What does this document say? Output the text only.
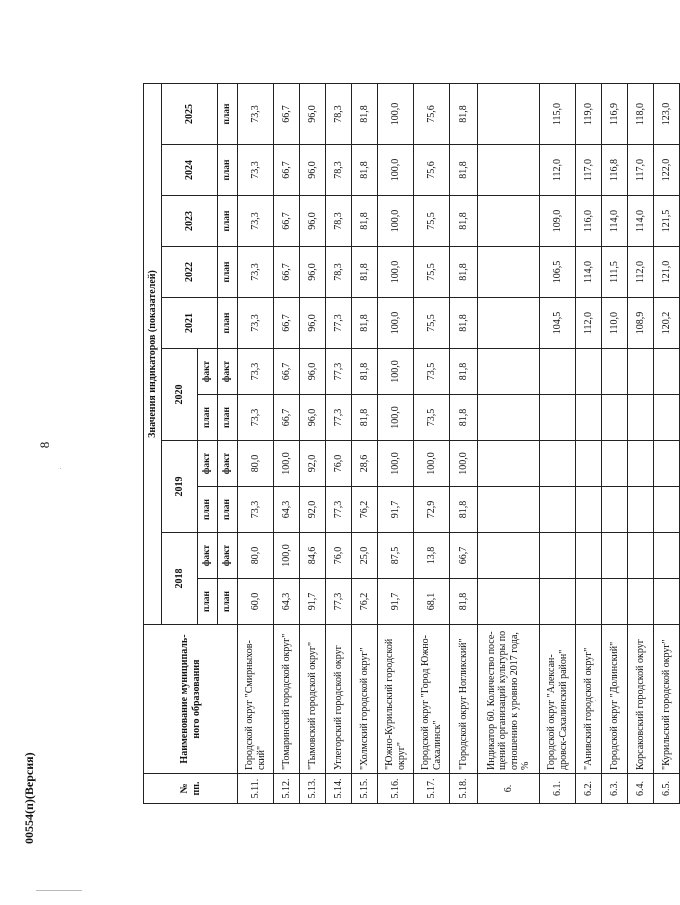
8
№ пп.	Наименование муниципаль-ного образования	Значения индикаторов (показателей)										
		2018		2019		2020		2021	2022	2023	2024	2025
		план	факт	план	факт	план	факт					
		план	факт	план	факт	план	факт	план	план	план	план	план
5.11.	Городской округ "Смирныхов-ский"	60,0	80,0	73,3	80,0	73,3	73,3	73,3	73,3	73,3	73,3	73,3
5.12.	"Томаринский городской округ"	64,3	100,0	64,3	100,0	66,7	66,7	66,7	66,7	66,7	66,7	66,7
5.13.	"Тымовский городской округ"	91,7	84,6	92,0	92,0	96,0	96,0	96,0	96,0	96,0	96,0	96,0
5.14.	Углегорский городской округ	77,3	76,0	77,3	76,0	77,3	77,3	77,3	78,3	78,3	78,3	78,3
5.15.	"Холмский городской округ"	76,2	25,0	76,2	28,6	81,8	81,8	81,8	81,8	81,8	81,8	81,8
5.16.	"Южно-Курильский городской округ"	91,7	87,5	91,7	100,0	100,0	100,0	100,0	100,0	100,0	100,0	100,0
5.17.	Городской округ "Город Южно-Сахалинск"	68,1	13,8	72,9	100,0	73,5	73,5	75,5	75,5	75,5	75,6	75,6
5.18.	"Городской округ Ногликский"	81,8	66,7	81,8	100,0	81,8	81,8	81,8	81,8	81,8	81,8	81,8
6.	Индикатор 60. Количество посе-щений организаций культуры по отношению к уровню 2017 года, %											
6.1.	Городской округ "Алексан-дровск-Сахалинский район"							104,5	106,5	109,0	112,0	115,0
6.2.	"Анивский городской округ"							112,0	114,0	116,0	117,0	119,0
6.3.	Городской округ "Долинский"							110,0	111,5	114,0	116,8	116,9
6.4.	Корсаковский городской округ							108,9	112,0	114,0	117,0	118,0
6.5.	"Курильский городской округ"							120,2	121,0	121,5	122,0	123,0
00554(п)(Версия)
